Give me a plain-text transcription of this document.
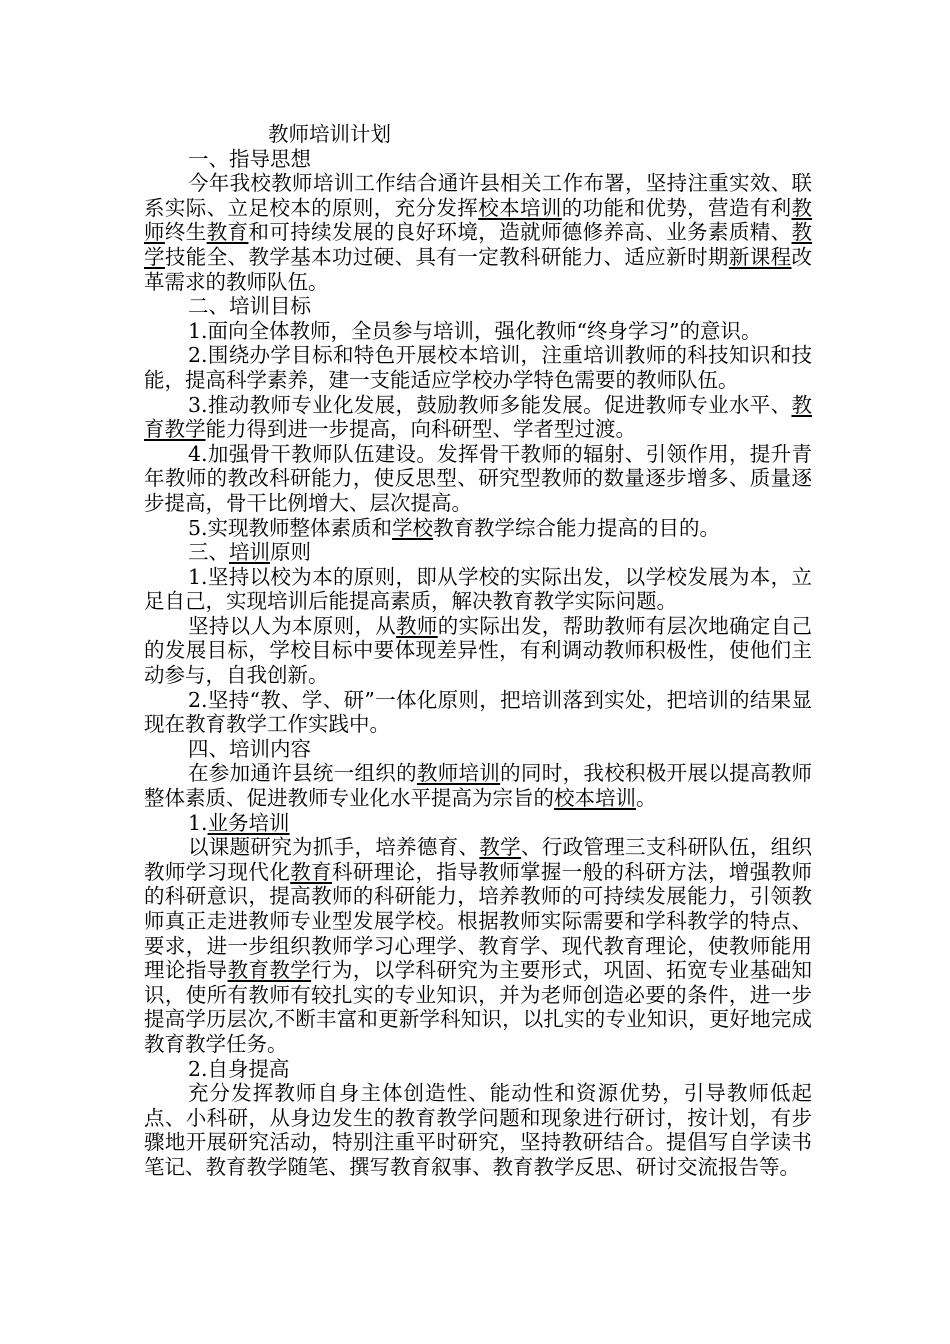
教师培训计划
一、指导思想
今年我校教师培训工作结合通许县相关工作布署，坚持注重实效、联系实际、立足校本的原则，充分发挥校本培训的功能和优势，营造有利教师终生教育和可持续发展的良好环境，造就师德修养高、业务素质精、教学技能全、教学基本功过硬、具有一定教科研能力、适应新时期新课程改革需求的教师队伍。
二、培训目标
1.面向全体教师，全员参与培训，强化教师“终身学习”的意识。
2.围绕办学目标和特色开展校本培训，注重培训教师的科技知识和技能，提高科学素养，建一支能适应学校办学特色需要的教师队伍。
3.推动教师专业化发展，鼓励教师多能发展。促进教师专业水平、教育教学能力得到进一步提高，向科研型、学者型过渡。
4.加强骨干教师队伍建设。发挥骨干教师的辐射、引领作用，提升青年教师的教改科研能力，使反思型、研究型教师的数量逐步增多、质量逐步提高，骨干比例增大、层次提高。
5.实现教师整体素质和学校教育教学综合能力提高的目的。
三、培训原则
1.坚持以校为本的原则，即从学校的实际出发，以学校发展为本，立足自己，实现培训后能提高素质，解决教育教学实际问题。
坚持以人为本原则，从教师的实际出发，帮助教师有层次地确定自己的发展目标，学校目标中要体现差异性，有利调动教师积极性，使他们主动参与，自我创新。
2.坚持“教、学、研”一体化原则，把培训落到实处，把培训的结果显现在教育教学工作实践中。
四、培训内容
在参加通许县统一组织的教师培训的同时，我校积极开展以提高教师整体素质、促进教师专业化水平提高为宗旨的校本培训。
1.业务培训
以课题研究为抓手，培养德育、教学、行政管理三支科研队伍，组织教师学习现代化教育科研理论，指导教师掌握一般的科研方法，增强教师的科研意识，提高教师的科研能力，培养教师的可持续发展能力，引领教师真正走进教师专业型发展学校。根据教师实际需要和学科教学的特点、要求，进一步组织教师学习心理学、教育学、现代教育理论，使教师能用理论指导教育教学行为，以学科研究为主要形式，巩固、拓宽专业基础知识，使所有教师有较扎实的专业知识，并为老师创造必要的条件，进一步提高学历层次,不断丰富和更新学科知识，以扎实的专业知识，更好地完成教育教学任务。
2.自身提高
充分发挥教师自身主体创造性、能动性和资源优势，引导教师低起点、小科研，从身边发生的教育教学问题和现象进行研讨，按计划，有步骤地开展研究活动，特别注重平时研究，坚持教研结合。提倡写自学读书笔记、教育教学随笔、撰写教育叙事、教育教学反思、研讨交流报告等。
